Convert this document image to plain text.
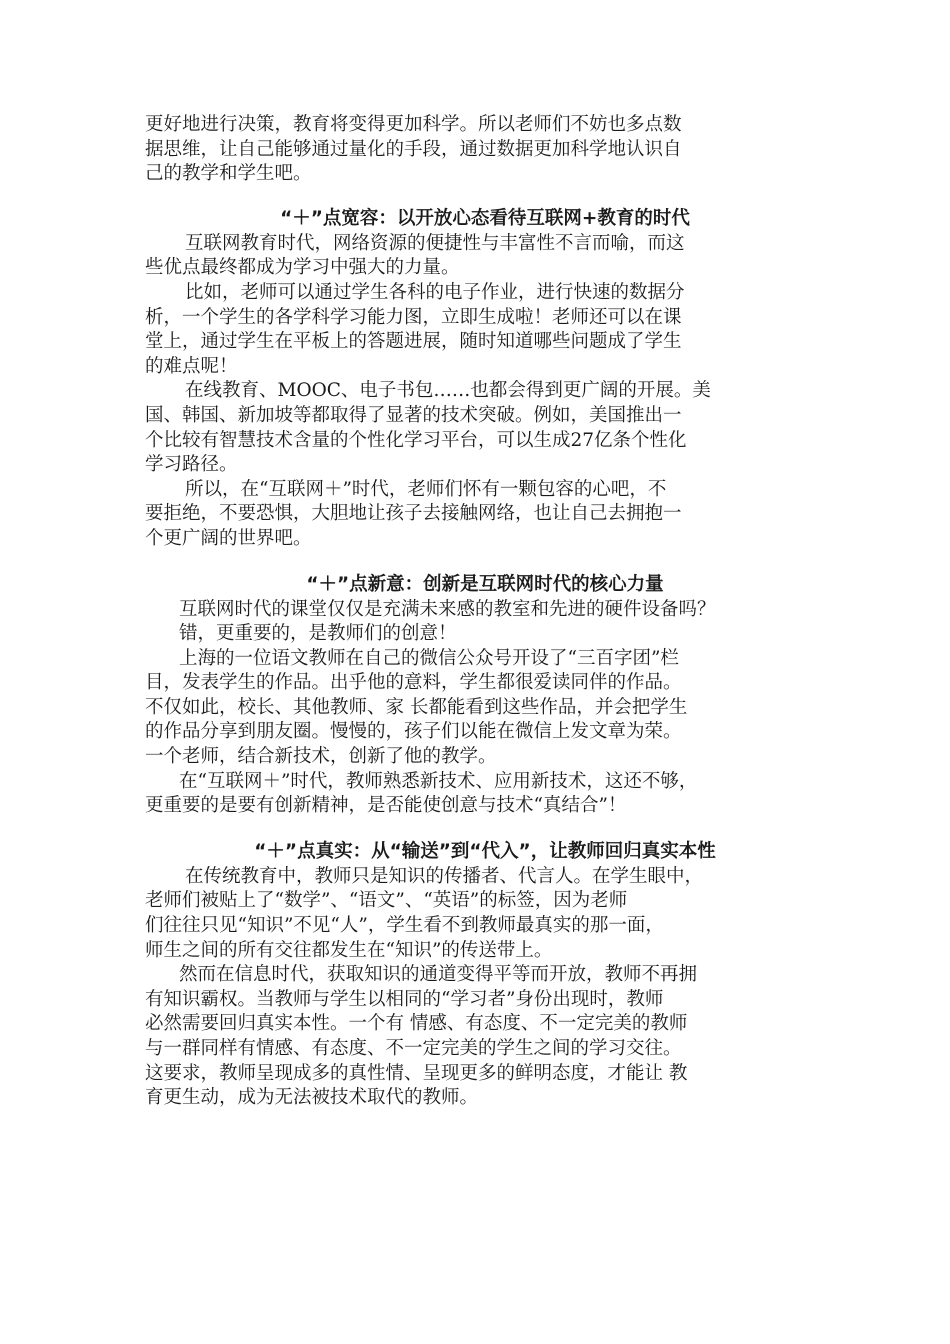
更好地进行决策，教育将变得更加科学。所以老师们不妨也多点数
据思维，让自己能够通过量化的手段，通过数据更加科学地认识自
己的教学和学生吧。
“＋”点宽容：以开放心态看待互联网+教育的时代
互联网教育时代，网络资源的便捷性与丰富性不言而喻，而这
些优点最终都成为学习中强大的力量。
比如，老师可以通过学生各科的电子作业，进行快速的数据分
析，一个学生的各学科学习能力图，立即生成啦！老师还可以在课
堂上，通过学生在平板上的答题进展，随时知道哪些问题成了学生
的难点呢！
在线教育、MOOC、电子书包……也都会得到更广阔的开展。美
国、韩国、新加坡等都取得了显著的技术突破。例如，美国推出一
个比较有智慧技术含量的个性化学习平台，可以生成27亿条个性化
学习路径。
所以，在“互联网＋”时代，老师们怀有一颗包容的心吧，不
要拒绝，不要恐惧，大胆地让孩子去接触网络，也让自己去拥抱一
个更广阔的世界吧。
“＋”点新意：创新是互联网时代的核心力量
互联网时代的课堂仅仅是充满未来感的教室和先进的硬件设备吗？
错，更重要的，是教师们的创意！
上海的一位语文教师在自己的微信公众号开设了“三百字团”栏
目，发表学生的作品。出乎他的意料，学生都很爱读同伴的作品。
不仅如此，校长、其他教师、家 长都能看到这些作品，并会把学生
的作品分享到朋友圈。慢慢的，孩子们以能在微信上发文章为荣。
一个老师，结合新技术，创新了他的教学。
在“互联网＋”时代，教师熟悉新技术、应用新技术，这还不够，
更重要的是要有创新精神，是否能使创意与技术“真结合”！
“＋”点真实：从“输送”到“代入”，让教师回归真实本性
在传统教育中，教师只是知识的传播者、代言人。在学生眼中，
老师们被贴上了“数学”、“语文”、“英语”的标签，因为老师
们往往只见“知识”不见“人”，学生看不到教师最真实的那一面，
师生之间的所有交往都发生在“知识”的传送带上。
然而在信息时代，获取知识的通道变得平等而开放，教师不再拥
有知识霸权。当教师与学生以相同的“学习者”身份出现时，教师
必然需要回归真实本性。一个有 情感、有态度、不一定完美的教师
与一群同样有情感、有态度、不一定完美的学生之间的学习交往。
这要求，教师呈现成多的真性情、呈现更多的鲜明态度，才能让 教
育更生动，成为无法被技术取代的教师。
